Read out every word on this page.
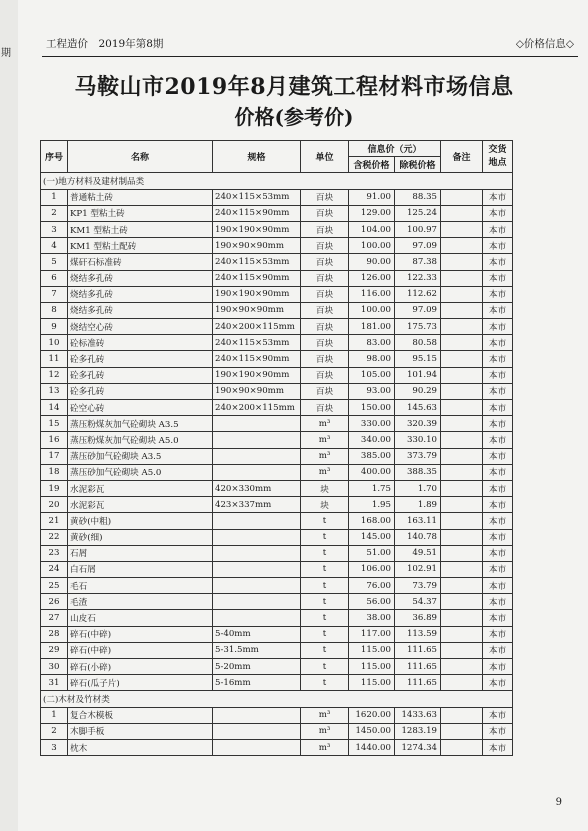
期
工程造价　2019年第8期	◇价格信息◇
马鞍山市2019年8月建筑工程材料市场信息
价格(参考价)
序号	名称	规格	单位	信息价（元）		备注	交货地点
				含税价格	除税价格		
(一)地方材料及建材制品类							
1	普通粘土砖	240×115×53mm	百块	91.00	88.35		本市
2	KP1 型粘土砖	240×115×90mm	百块	129.00	125.24		本市
3	KM1 型粘土砖	190×190×90mm	百块	104.00	100.97		本市
4	KM1 型粘土配砖	190×90×90mm	百块	100.00	97.09		本市
5	煤矸石标准砖	240×115×53mm	百块	90.00	87.38		本市
6	烧结多孔砖	240×115×90mm	百块	126.00	122.33		本市
7	烧结多孔砖	190×190×90mm	百块	116.00	112.62		本市
8	烧结多孔砖	190×90×90mm	百块	100.00	97.09		本市
9	烧结空心砖	240×200×115mm	百块	181.00	175.73		本市
10	砼标准砖	240×115×53mm	百块	83.00	80.58		本市
11	砼多孔砖	240×115×90mm	百块	98.00	95.15		本市
12	砼多孔砖	190×190×90mm	百块	105.00	101.94		本市
13	砼多孔砖	190×90×90mm	百块	93.00	90.29		本市
14	砼空心砖	240×200×115mm	百块	150.00	145.63		本市
15	蒸压粉煤灰加气砼砌块 A3.5		m³	330.00	320.39		本市
16	蒸压粉煤灰加气砼砌块 A5.0		m³	340.00	330.10		本市
17	蒸压砂加气砼砌块 A3.5		m³	385.00	373.79		本市
18	蒸压砂加气砼砌块 A5.0		m³	400.00	388.35		本市
19	水泥彩瓦	420×330mm	块	1.75	1.70		本市
20	水泥彩瓦	423×337mm	块	1.95	1.89		本市
21	黄砂(中粗)		t	168.00	163.11		本市
22	黄砂(细)		t	145.00	140.78		本市
23	石屑		t	51.00	49.51		本市
24	白石屑		t	106.00	102.91		本市
25	毛石		t	76.00	73.79		本市
26	毛渣		t	56.00	54.37		本市
27	山皮石		t	38.00	36.89		本市
28	碎石(中碎)	5-40mm	t	117.00	113.59		本市
29	碎石(中碎)	5-31.5mm	t	115.00	111.65		本市
30	碎石(小碎)	5-20mm	t	115.00	111.65		本市
31	碎石(瓜子片)	5-16mm	t	115.00	111.65		本市
(二)木材及竹材类							
1	复合木模板		m³	1620.00	1433.63		本市
2	木脚手板		m³	1450.00	1283.19		本市
3	枕木		m³	1440.00	1274.34		本市
9
